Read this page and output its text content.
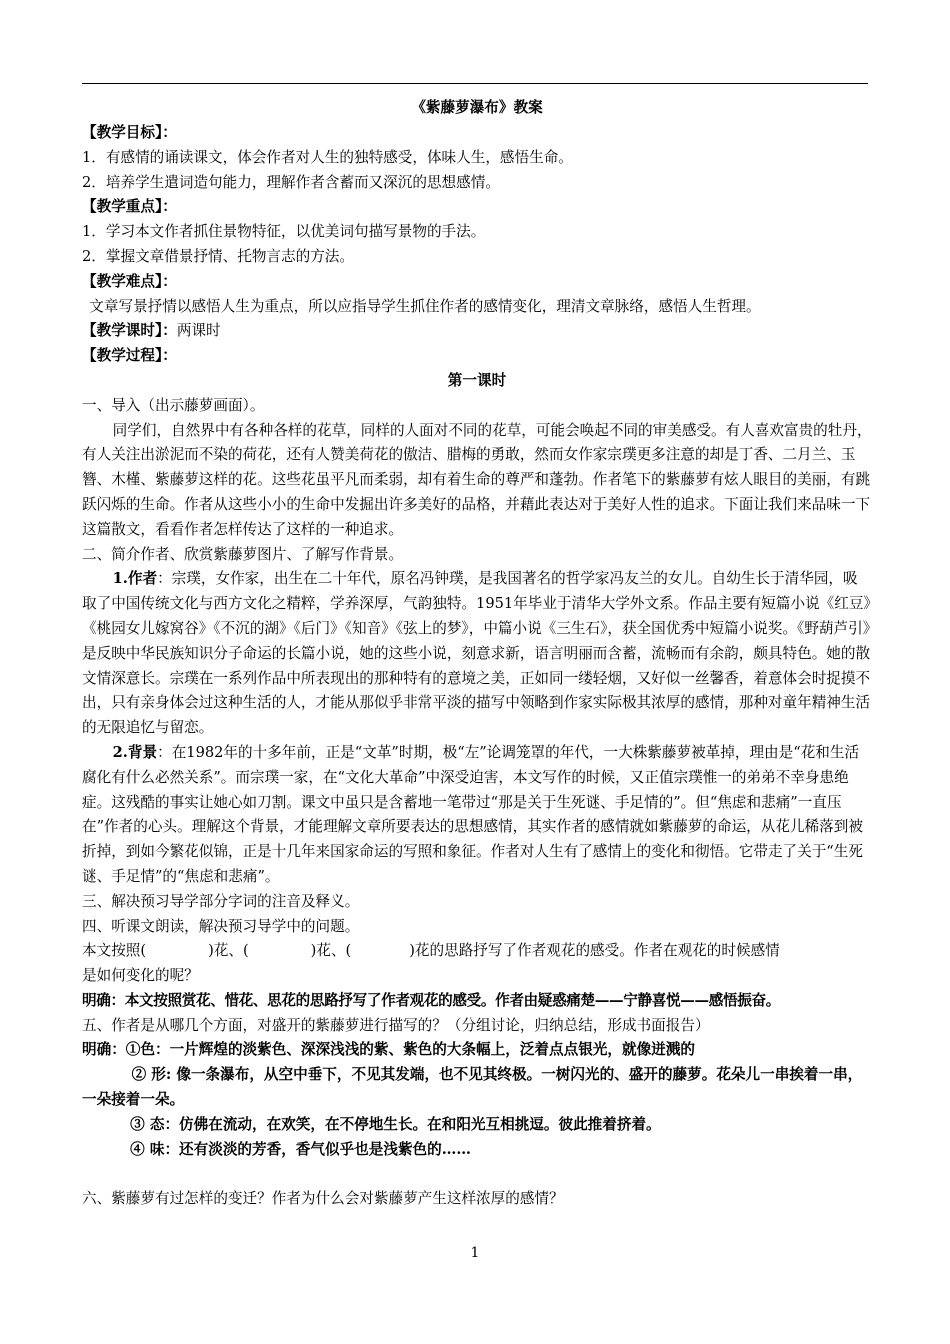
《紫藤萝瀑布》教案
【教学目标】：
1．有感情的诵读课文，体会作者对人生的独特感受，体味人生，感悟生命。
2．培养学生遣词造句能力，理解作者含蓄而又深沉的思想感情。
【教学重点】：
1．学习本文作者抓住景物特征，以优美词句描写景物的手法。
2．掌握文章借景抒情、托物言志的方法。
【教学难点】：
文章写景抒情以感悟人生为重点，所以应指导学生抓住作者的感情变化，理清文章脉络，感悟人生哲理。
【教学课时】：两课时
【教学过程】：
第一课时
一、导入（出示藤萝画面）。
同学们，自然界中有各种各样的花草，同样的人面对不同的花草，可能会唤起不同的审美感受。有人喜欢富贵的牡丹，有人关注出淤泥而不染的荷花，还有人赞美荷花的傲洁、腊梅的勇敢，然而女作家宗璞更多注意的却是丁香、二月兰、玉簪、木槿、紫藤萝这样的花。这些花虽平凡而柔弱，却有着生命的尊严和蓬勃。作者笔下的紫藤萝有炫人眼目的美丽，有跳跃闪烁的生命。作者从这些小小的生命中发掘出许多美好的品格，并藉此表达对于美好人性的追求。下面让我们来品味一下这篇散文，看看作者怎样传达了这样的一种追求。
二、简介作者、欣赏紫藤萝图片、了解写作背景。
1.作者：宗璞，女作家，出生在二十年代，原名冯钟璞，是我国著名的哲学家冯友兰的女儿。自幼生长于清华园，吸取了中国传统文化与西方文化之精粹，学养深厚，气韵独特。1951年毕业于清华大学外文系。作品主要有短篇小说《红豆》《桃园女儿嫁窝谷》《不沉的湖》《后门》《知音》《弦上的梦》，中篇小说《三生石》，获全国优秀中短篇小说奖。《野葫芦引》是反映中华民族知识分子命运的长篇小说，她的这些小说，刻意求新，语言明丽而含蓄，流畅而有余韵，颇具特色。她的散文情深意长。宗璞在一系列作品中所表现出的那种特有的意境之美，正如同一缕轻烟，又好似一丝馨香，着意体会时捉摸不出，只有亲身体会过这种生活的人，才能从那似乎非常平淡的描写中领略到作家实际极其浓厚的感情，那种对童年精神生活的无限追忆与留恋。
2.背景：在1982年的十多年前，正是“文革”时期，极“左”论调笼罩的年代，一大株紫藤萝被革掉，理由是“花和生活腐化有什么必然关系”。而宗璞一家，在“文化大革命”中深受迫害，本文写作的时候，又正值宗璞惟一的弟弟不幸身患绝症。这残酷的事实让她心如刀割。课文中虽只是含蓄地一笔带过“那是关于生死谜、手足情的”。但“焦虑和悲痛”一直压在”作者的心头。理解这个背景，才能理解文章所要表达的思想感情，其实作者的感情就如紫藤萝的命运，从花儿稀落到被折掉，到如今繁花似锦，正是十几年来国家命运的写照和象征。作者对人生有了感情上的变化和彻悟。它带走了关于“生死谜、手足情”的“焦虑和悲痛”。
三、解决预习导学部分字词的注音及释义。
四、听课文朗读，解决预习导学中的问题。
本文按照(	)花、(	)花、(	)花的思路抒写了作者观花的感受。作者在观花的时候感情
是如何变化的呢？
明确：本文按照赏花、惜花、思花的思路抒写了作者观花的感受。作者由疑惑痛楚——宁静喜悦——感悟振奋。
五、作者是从哪几个方面，对盛开的紫藤萝进行描写的？（分组讨论，归纳总结，形成书面报告）
明确：①色：一片辉煌的淡紫色、深深浅浅的紫、紫色的大条幅上，泛着点点银光，就像迸溅的
② 形: 像一条瀑布，从空中垂下，不见其发端，也不见其终极。一树闪光的、盛开的藤萝。花朵儿一串挨着一串，一朵接着一朵。
③ 态：仿佛在流动，在欢笑，在不停地生长。在和阳光互相挑逗。彼此推着挤着。
④ 味：还有淡淡的芳香，香气似乎也是浅紫色的……
六、紫藤萝有过怎样的变迁？作者为什么会对紫藤萝产生这样浓厚的感情？
1
